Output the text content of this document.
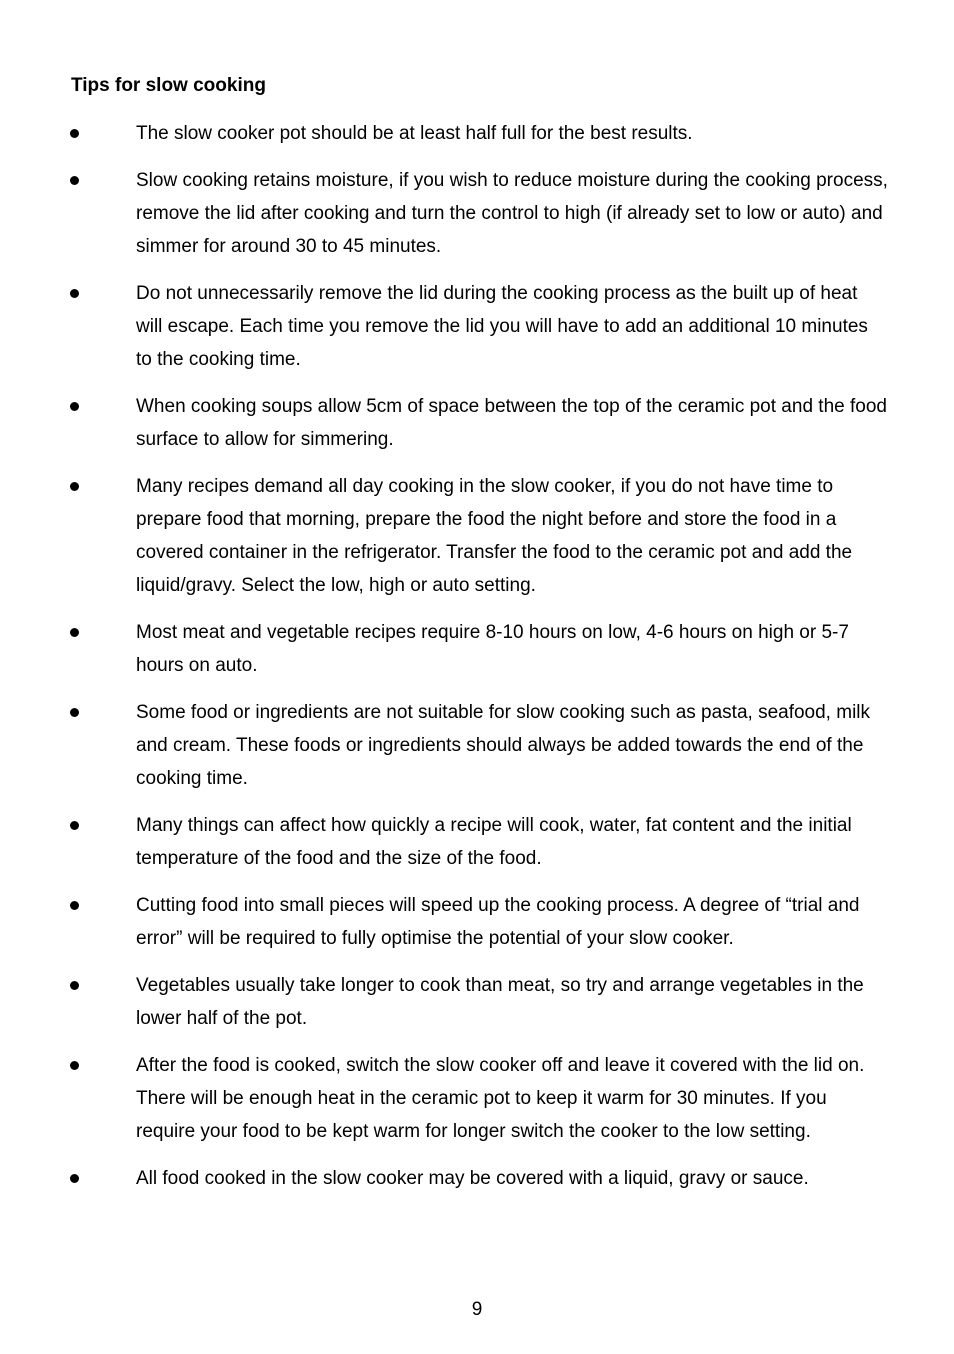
Tips for slow cooking
The slow cooker pot should be at least half full for the best results.
Slow cooking retains moisture, if you wish to reduce moisture during the cooking process, remove the lid after cooking and turn the control to high (if already set to low or auto) and simmer for around 30 to 45 minutes.
Do not unnecessarily remove the lid during the cooking process as the built up of heat will escape. Each time you remove the lid you will have to add an additional 10 minutes to the cooking time.
When cooking soups allow 5cm of space between the top of the ceramic pot and the food surface to allow for simmering.
Many recipes demand all day cooking in the slow cooker, if you do not have time to prepare food that morning, prepare the food the night before and store the food in a covered container in the refrigerator. Transfer the food to the ceramic pot and add the liquid/gravy. Select the low, high or auto setting.
Most meat and vegetable recipes require 8-10 hours on low, 4-6 hours on high or 5-7 hours on auto.
Some food or ingredients are not suitable for slow cooking such as pasta, seafood, milk and cream. These foods or ingredients should always be added towards the end of the cooking time.
Many things can affect how quickly a recipe will cook, water, fat content and the initial temperature of the food and the size of the food.
Cutting food into small pieces will speed up the cooking process. A degree of “trial and error” will be required to fully optimise the potential of your slow cooker.
Vegetables usually take longer to cook than meat, so try and arrange vegetables in the lower half of the pot.
After the food is cooked, switch the slow cooker off and leave it covered with the lid on. There will be enough heat in the ceramic pot to keep it warm for 30 minutes. If you require your food to be kept warm for longer switch the cooker to the low setting.
All food cooked in the slow cooker may be covered with a liquid, gravy or sauce.
9
